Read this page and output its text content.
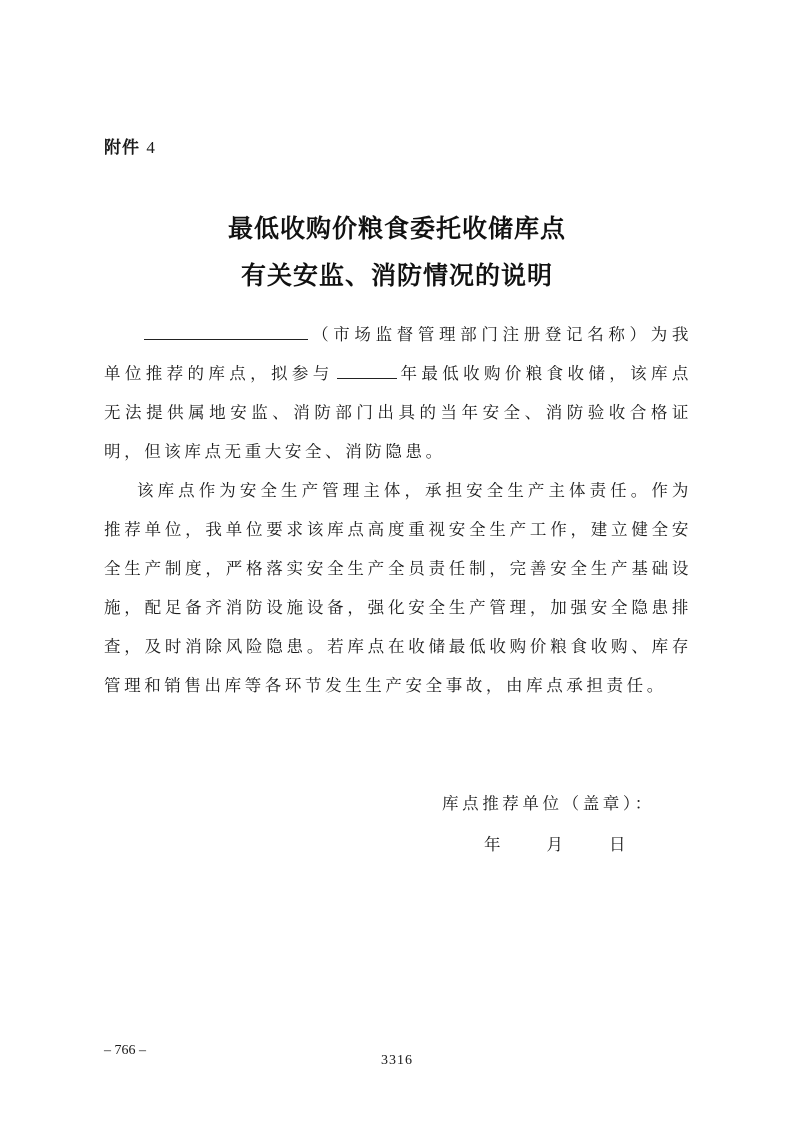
附件 4
最低收购价粮食委托收储库点
有关安监、消防情况的说明
（市场监督管理部门注册登记名称）为我单位推荐的库点，拟参与	年最低收购价粮食收储，该库点无法提供属地安监、消防部门出具的当年安全、消防验收合格证明，但该库点无重大安全、消防隐患。
该库点作为安全生产管理主体，承担安全生产主体责任。作为推荐单位，我单位要求该库点高度重视安全生产工作，建立健全安全生产制度，严格落实安全生产全员责任制，完善安全生产基础设施，配足备齐消防设施设备，强化安全生产管理，加强安全隐患排查，及时消除风险隐患。若库点在收储最低收购价粮食收购、库存管理和销售出库等各环节发生生产安全事故，由库点承担责任。
库点推荐单位（盖章）：
年	月	日
– 766 –
3316
